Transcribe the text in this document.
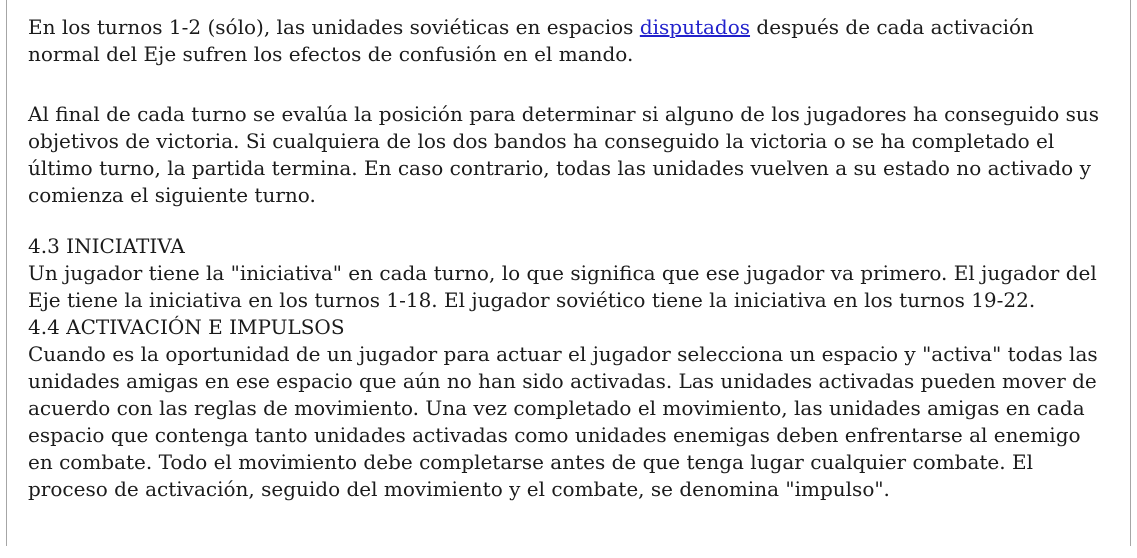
En los turnos 1-2 (sólo), las unidades soviéticas en espacios disputados después de cada activación normal del Eje sufren los efectos de confusión en el mando.

Al final de cada turno se evalúa la posición para determinar si alguno de los jugadores ha conseguido sus objetivos de victoria. Si cualquiera de los dos bandos ha conseguido la victoria o se ha completado el último turno, la partida termina. En caso contrario, todas las unidades vuelven a su estado no activado y comienza el siguiente turno.

4.3 INICIATIVA

Un jugador tiene la "iniciativa" en cada turno, lo que significa que ese jugador va primero. El jugador del Eje tiene la iniciativa en los turnos 1-18. El jugador soviético tiene la iniciativa en los turnos 19-22.

4.4 ACTIVACIÓN E IMPULSOS

Cuando es la oportunidad de un jugador para actuar el jugador selecciona un espacio y "activa" todas las unidades amigas en ese espacio que aún no han sido activadas. Las unidades activadas pueden mover de acuerdo con las reglas de movimiento. Una vez completado el movimiento, las unidades amigas en cada espacio que contenga tanto unidades activadas como unidades enemigas deben enfrentarse al enemigo en combate. Todo el movimiento debe completarse antes de que tenga lugar cualquier combate. El proceso de activación, seguido del movimiento y el combate, se denomina "impulso".
